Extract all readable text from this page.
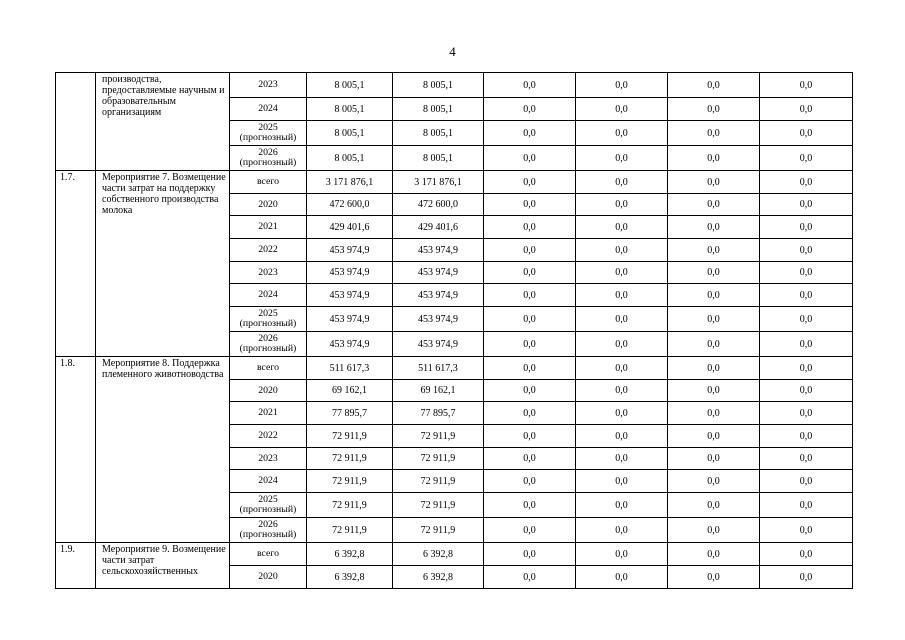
4
	производства, предоставляемые научным и образовательным организациям	2023	8 005,1	8 005,1	0,0	0,0	0,0	0,0
		2024	8 005,1	8 005,1	0,0	0,0	0,0	0,0
		2025 (прогнозный)	8 005,1	8 005,1	0,0	0,0	0,0	0,0
		2026 (прогнозный)	8 005,1	8 005,1	0,0	0,0	0,0	0,0
1.7.	Мероприятие 7. Возмещение части затрат на поддержку собственного производства молока	всего	3 171 876,1	3 171 876,1	0,0	0,0	0,0	0,0
		2020	472 600,0	472 600,0	0,0	0,0	0,0	0,0
		2021	429 401,6	429 401,6	0,0	0,0	0,0	0,0
		2022	453 974,9	453 974,9	0,0	0,0	0,0	0,0
		2023	453 974,9	453 974,9	0,0	0,0	0,0	0,0
		2024	453 974,9	453 974,9	0,0	0,0	0,0	0,0
		2025 (прогнозный)	453 974,9	453 974,9	0,0	0,0	0,0	0,0
		2026 (прогнозный)	453 974,9	453 974,9	0,0	0,0	0,0	0,0
1.8.	Мероприятие 8. Поддержка племенного животноводства	всего	511 617,3	511 617,3	0,0	0,0	0,0	0,0
		2020	69 162,1	69 162,1	0,0	0,0	0,0	0,0
		2021	77 895,7	77 895,7	0,0	0,0	0,0	0,0
		2022	72 911,9	72 911,9	0,0	0,0	0,0	0,0
		2023	72 911,9	72 911,9	0,0	0,0	0,0	0,0
		2024	72 911,9	72 911,9	0,0	0,0	0,0	0,0
		2025 (прогнозный)	72 911,9	72 911,9	0,0	0,0	0,0	0,0
		2026 (прогнозный)	72 911,9	72 911,9	0,0	0,0	0,0	0,0
1.9.	Мероприятие 9. Возмещение части затрат сельскохозяйственных	всего	6 392,8	6 392,8	0,0	0,0	0,0	0,0
		2020	6 392,8	6 392,8	0,0	0,0	0,0	0,0
